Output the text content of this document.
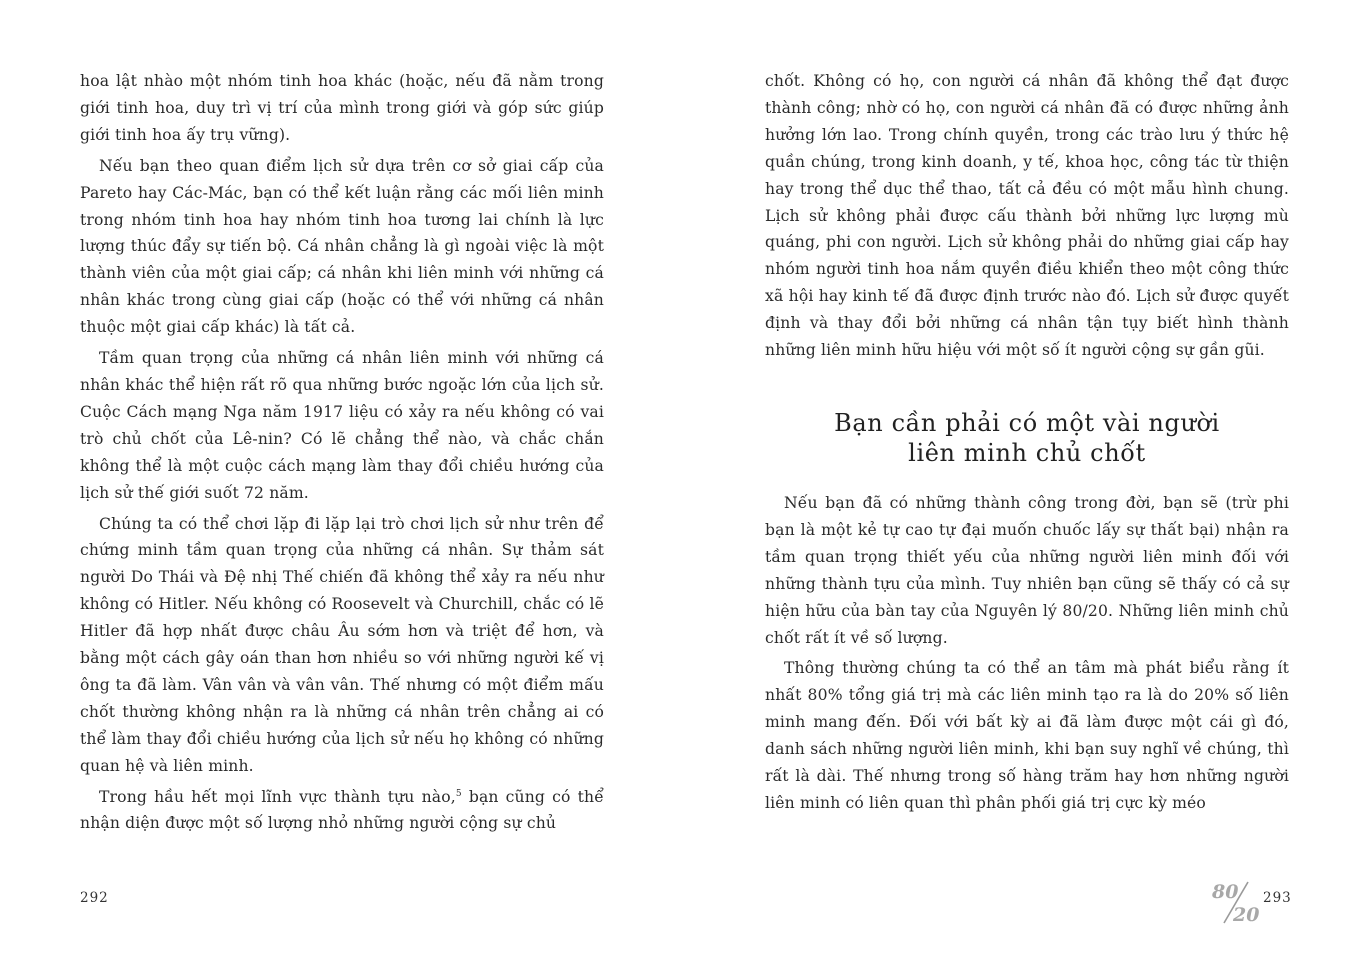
hoa lật nhào một nhóm tinh hoa khác (hoặc, nếu đã nằm trong giới tinh hoa, duy trì vị trí của mình trong giới và góp sức giúp giới tinh hoa ấy trụ vững).

Nếu bạn theo quan điểm lịch sử dựa trên cơ sở giai cấp của Pareto hay Các-Mác, bạn có thể kết luận rằng các mối liên minh trong nhóm tinh hoa hay nhóm tinh hoa tương lai chính là lực lượng thúc đẩy sự tiến bộ. Cá nhân chẳng là gì ngoài việc là một thành viên của một giai cấp; cá nhân khi liên minh với những cá nhân khác trong cùng giai cấp (hoặc có thể với những cá nhân thuộc một giai cấp khác) là tất cả.

Tầm quan trọng của những cá nhân liên minh với những cá nhân khác thể hiện rất rõ qua những bước ngoặc lớn của lịch sử. Cuộc Cách mạng Nga năm 1917 liệu có xảy ra nếu không có vai trò chủ chốt của Lê-nin? Có lẽ chẳng thể nào, và chắc chắn không thể là một cuộc cách mạng làm thay đổi chiều hướng của lịch sử thế giới suốt 72 năm.

Chúng ta có thể chơi lặp đi lặp lại trò chơi lịch sử như trên để chứng minh tầm quan trọng của những cá nhân. Sự thảm sát người Do Thái và Đệ nhị Thế chiến đã không thể xảy ra nếu như không có Hitler. Nếu không có Roosevelt và Churchill, chắc có lẽ Hitler đã hợp nhất được châu Âu sớm hơn và triệt để hơn, và bằng một cách gây oán than hơn nhiều so với những người kế vị ông ta đã làm. Vân vân và vân vân. Thế nhưng có một điểm mấu chốt thường không nhận ra là những cá nhân trên chẳng ai có thể làm thay đổi chiều hướng của lịch sử nếu họ không có những quan hệ và liên minh.

Trong hầu hết mọi lĩnh vực thành tựu nào,$^5$ bạn cũng có thể nhận diện được một số lượng nhỏ những người cộng sự chủ

chốt. Không có họ, con người cá nhân đã không thể đạt được thành công; nhờ có họ, con người cá nhân đã có được những ảnh hưởng lớn lao. Trong chính quyền, trong các trào lưu ý thức hệ quần chúng, trong kinh doanh, y tế, khoa học, công tác từ thiện hay trong thể dục thể thao, tất cả đều có một mẫu hình chung. Lịch sử không phải được cấu thành bởi những lực lượng mù quáng, phi con người. Lịch sử không phải do những giai cấp hay nhóm người tinh hoa nắm quyền điều khiển theo một công thức xã hội hay kinh tế đã được định trước nào đó. Lịch sử được quyết định và thay đổi bởi những cá nhân tận tụy biết hình thành những liên minh hữu hiệu với một số ít người cộng sự gần gũi.

Bạn cần phải có một vài người
liên minh chủ chốt

Nếu bạn đã có những thành công trong đời, bạn sẽ (trừ phi bạn là một kẻ tự cao tự đại muốn chuốc lấy sự thất bại) nhận ra tầm quan trọng thiết yếu của những người liên minh đối với những thành tựu của mình. Tuy nhiên bạn cũng sẽ thấy có cả sự hiện hữu của bàn tay của Nguyên lý 80/20. Những liên minh chủ chốt rất ít về số lượng.

Thông thường chúng ta có thể an tâm mà phát biểu rằng ít nhất 80% tổng giá trị mà các liên minh tạo ra là do 20% số liên minh mang đến. Đối với bất kỳ ai đã làm được một cái gì đó, danh sách những người liên minh, khi bạn suy nghĩ về chúng, thì rất là dài. Thế nhưng trong số hàng trăm hay hơn những người liên minh có liên quan thì phân phối giá trị cực kỳ méo

292	80
20
293
